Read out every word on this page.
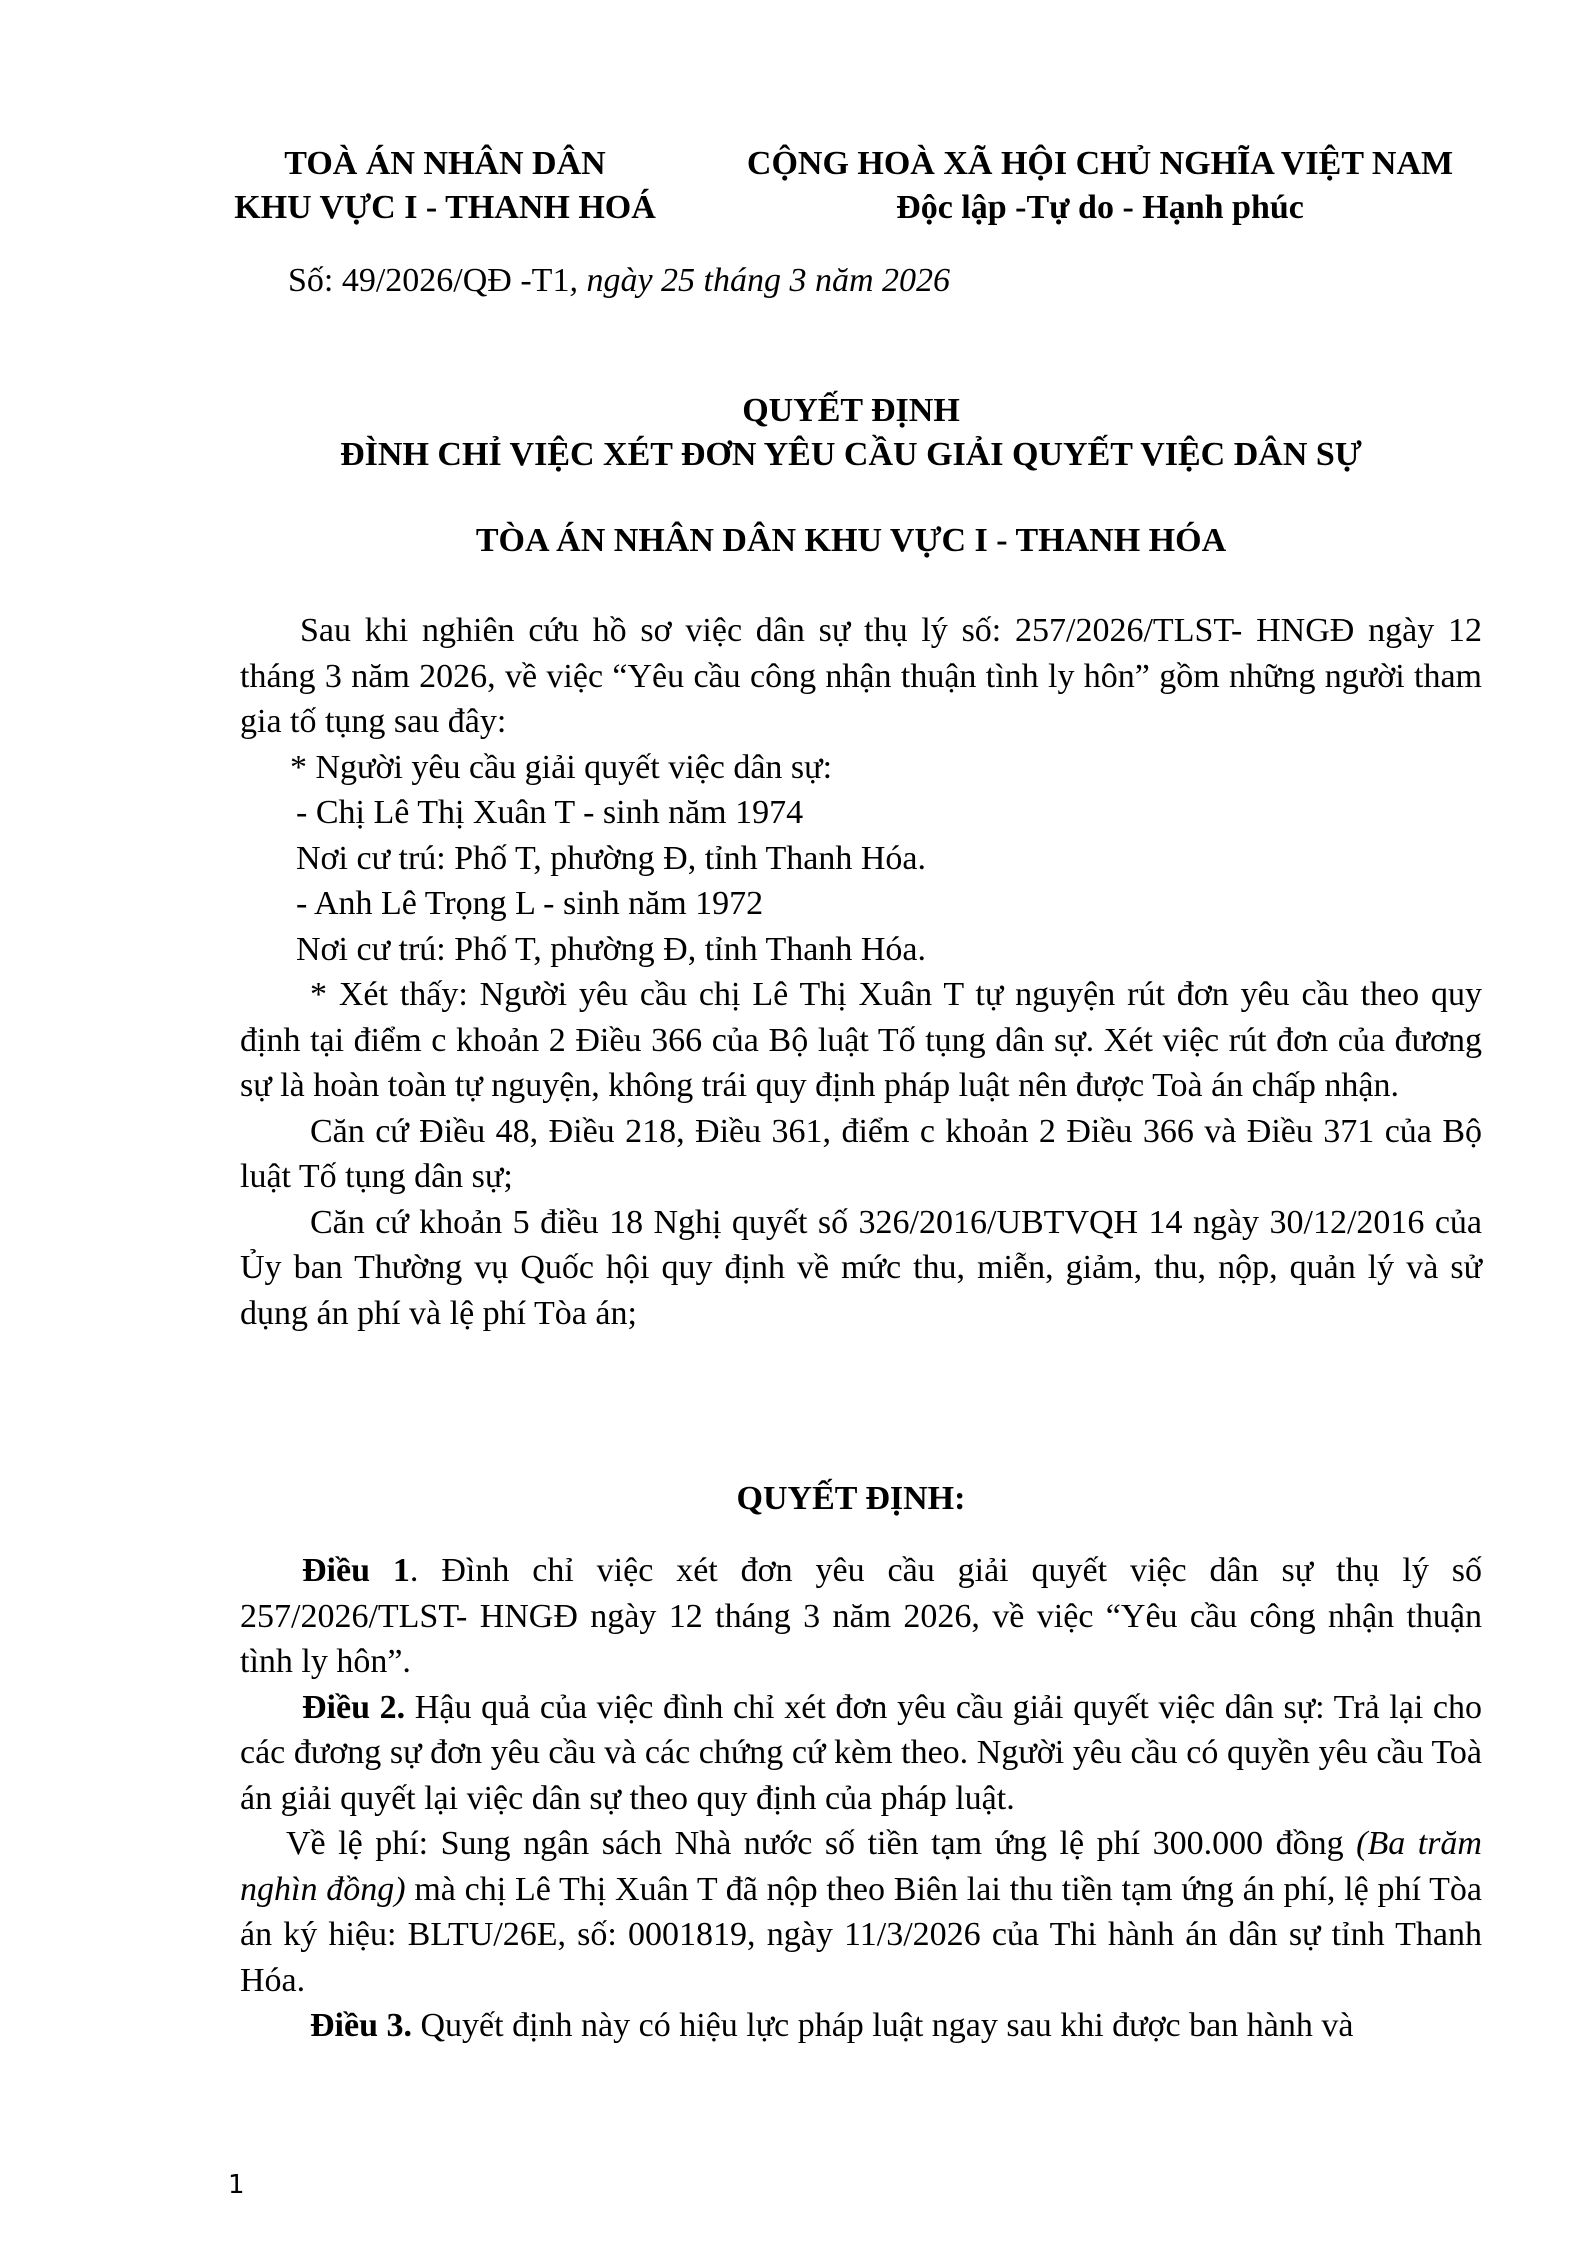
TOÀ ÁN NHÂN DÂN
KHU VỰC I - THANH HOÁ
CỘNG HOÀ XÃ HỘI CHỦ NGHĨA VIỆT NAM
Độc lập -Tự do - Hạnh phúc
Số: 49/2026/QĐ -T1, ngày 25 tháng 3 năm 2026
QUYẾT ĐỊNH
ĐÌNH CHỈ VIỆC XÉT ĐƠN YÊU CẦU GIẢI QUYẾT VIỆC DÂN SỰ
TÒA ÁN NHÂN DÂN KHU VỰC I - THANH HÓA

Sau khi nghiên cứu hồ sơ việc dân sự thụ lý số: 257/2026/TLST- HNGĐ ngày 12 tháng 3 năm 2026, về việc “Yêu cầu công nhận thuận tình ly hôn” gồm những người tham gia tố tụng sau đây:

* Người yêu cầu giải quyết việc dân sự:

- Chị Lê Thị Xuân T - sinh năm 1974

Nơi cư trú: Phố T, phường Đ, tỉnh Thanh Hóa.

- Anh Lê Trọng L - sinh năm 1972

Nơi cư trú: Phố T, phường Đ, tỉnh Thanh Hóa.

* Xét thấy: Người yêu cầu chị Lê Thị Xuân T tự nguyện rút đơn yêu cầu theo quy định tại điểm c khoản 2 Điều 366 của Bộ luật Tố tụng dân sự. Xét việc rút đơn của đương sự là hoàn toàn tự nguyện, không trái quy định pháp luật nên được Toà án chấp nhận.

Căn cứ Điều 48, Điều 218, Điều 361, điểm c khoản 2 Điều 366 và Điều 371 của Bộ luật Tố tụng dân sự;

Căn cứ khoản 5 điều 18 Nghị quyết số 326/2016/UBTVQH 14 ngày 30/12/2016 của Ủy ban Thường vụ Quốc hội quy định về mức thu, miễn, giảm, thu, nộp, quản lý và sử dụng án phí và lệ phí Tòa án;

QUYẾT ĐỊNH:

Điều 1. Đình chỉ việc xét đơn yêu cầu giải quyết việc dân sự thụ lý số 257/2026/TLST- HNGĐ ngày 12 tháng 3 năm 2026, về việc “Yêu cầu công nhận thuận tình ly hôn”.

Điều 2. Hậu quả của việc đình chỉ xét đơn yêu cầu giải quyết việc dân sự: Trả lại cho các đương sự đơn yêu cầu và các chứng cứ kèm theo. Người yêu cầu có quyền yêu cầu Toà án giải quyết lại việc dân sự theo quy định của pháp luật.

Về lệ phí: Sung ngân sách Nhà nước số tiền tạm ứng lệ phí 300.000 đồng (Ba trăm nghìn đồng) mà chị Lê Thị Xuân T đã nộp theo Biên lai thu tiền tạm ứng án phí, lệ phí Tòa án ký hiệu: BLTU/26E, số: 0001819, ngày 11/3/2026 của Thi hành án dân sự tỉnh Thanh Hóa.

Điều 3. Quyết định này có hiệu lực pháp luật ngay sau khi được ban hành và

1
